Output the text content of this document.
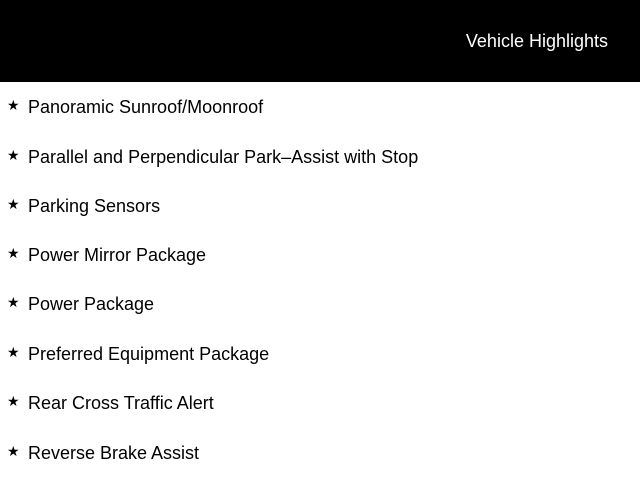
Vehicle Highlights
★ Panoramic Sunroof/Moonroof
★ Parallel and Perpendicular Park–Assist with Stop
★ Parking Sensors
★ Power Mirror Package
★ Power Package
★ Preferred Equipment Package
★ Rear Cross Traffic Alert
★ Reverse Brake Assist
